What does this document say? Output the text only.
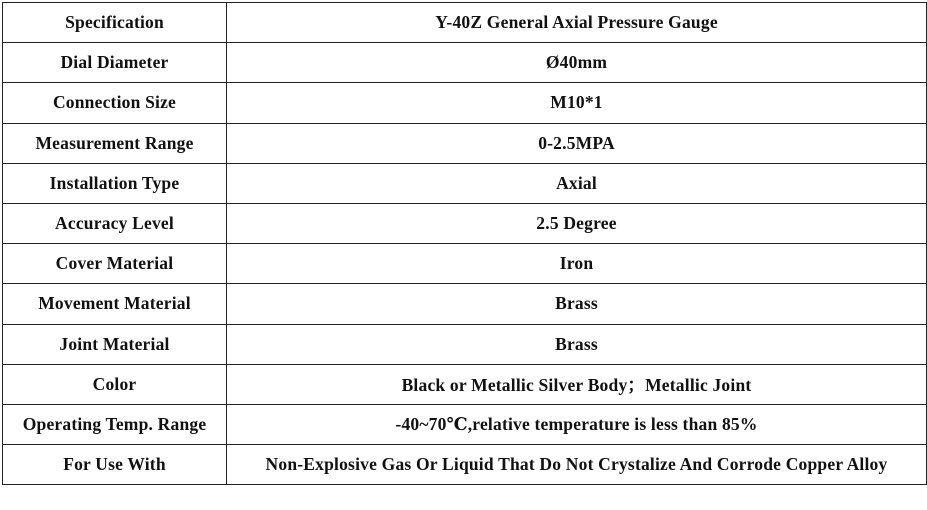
Specification	Y-40Z General Axial Pressure Gauge
Dial Diameter	Ø40mm
Connection Size	M10*1
Measurement Range	0-2.5MPA
Installation Type	Axial
Accuracy Level	2.5 Degree
Cover Material	Iron
Movement Material	Brass
Joint Material	Brass
Color	Black or Metallic Silver Body；Metallic Joint
Operating Temp. Range	-40~70℃,relative temperature is less than 85%
For Use With	Non-Explosive Gas Or Liquid That Do Not Crystalize And Corrode Copper Alloy
